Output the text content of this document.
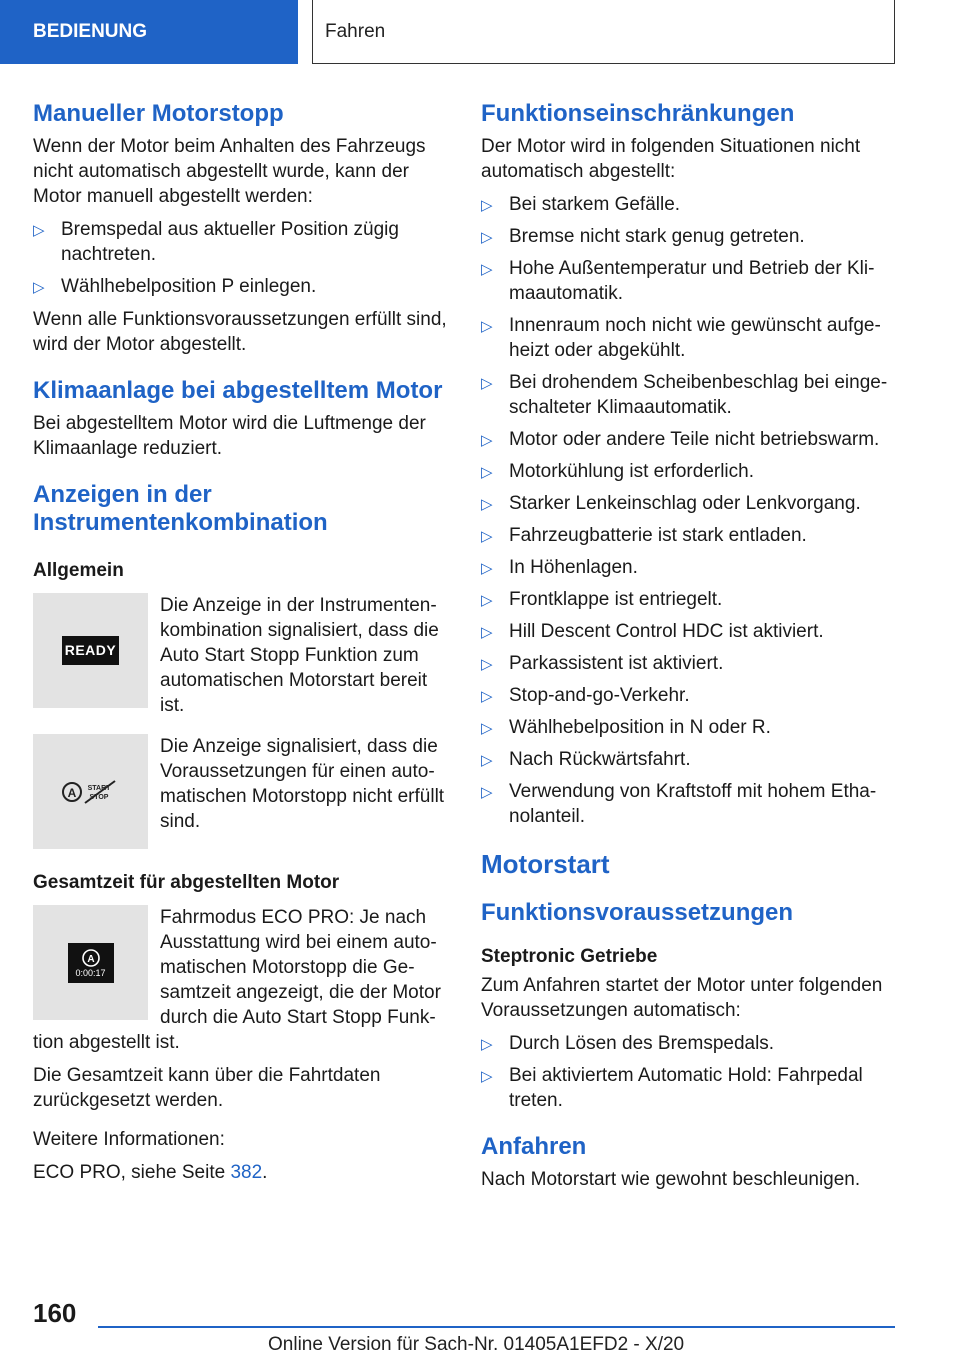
BEDIENUNG	Fahren
Manueller Motorstopp

Wenn der Motor beim Anhalten des Fahrzeugs nicht automatisch abgestellt wurde, kann der Motor manuell abgestellt werden:

▷ Bremspedal aus aktueller Position zügig nachtreten.
▷ Wählhebelposition P einlegen.

Wenn alle Funktionsvoraussetzungen erfüllt sind, wird der Motor abgestellt.

Klimaanlage bei abgestelltem Motor

Bei abgestelltem Motor wird die Luftmenge der Klimaanlage reduziert.

Anzeigen in der
Instrumentenkombination
Allgemein
READY

Die Anzeige in der Instrumentenkombination signalisiert, dass die Auto Start Stopp Funktion zum automatischen Motorstart bereit ist.

A START
STOP

Die Anzeige signalisiert, dass die Voraussetzungen für einen automatischen Motorstopp nicht erfüllt sind.

Gesamtzeit für abgestellten Motor
A
0:00:17

Fahrmodus ECO PRO: Je nach Ausstattung wird bei einem automatischen Motorstopp die Gesamtzeit angezeigt, die der Motor durch die Auto Start Stopp Funktion abgestellt ist.

Die Gesamtzeit kann über die Fahrtdaten zurückgesetzt werden.

Weitere Informationen:

ECO PRO, siehe Seite 382.

Funktionseinschränkungen

Der Motor wird in folgenden Situationen nicht automatisch abgestellt:

▷ Bei starkem Gefälle.
▷ Bremse nicht stark genug getreten.
▷ Hohe Außentemperatur und Betrieb der Klimaautomatik.
▷ Innenraum noch nicht wie gewünscht aufgeheizt oder abgekühlt.
▷ Bei drohendem Scheibenbeschlag bei eingeschalteter Klimaautomatik.
▷ Motor oder andere Teile nicht betriebswarm.
▷ Motorkühlung ist erforderlich.
▷ Starker Lenkeinschlag oder Lenkvorgang.
▷ Fahrzeugbatterie ist stark entladen.
▷ In Höhenlagen.
▷ Frontklappe ist entriegelt.
▷ Hill Descent Control HDC ist aktiviert.
▷ Parkassistent ist aktiviert.
▷ Stop-and-go-Verkehr.
▷ Wählhebelposition in N oder R.
▷ Nach Rückwärtsfahrt.
▷ Verwendung von Kraftstoff mit hohem Ethanolanteil.
Motorstart
Funktionsvoraussetzungen
Steptronic Getriebe

Zum Anfahren startet der Motor unter folgenden Voraussetzungen automatisch:

▷ Durch Lösen des Bremspedals.
▷ Bei aktiviertem Automatic Hold: Fahrpedal treten.
Anfahren

Nach Motorstart wie gewohnt beschleunigen.

160
Online Version für Sach-Nr. 01405A1EFD2 - X/20
